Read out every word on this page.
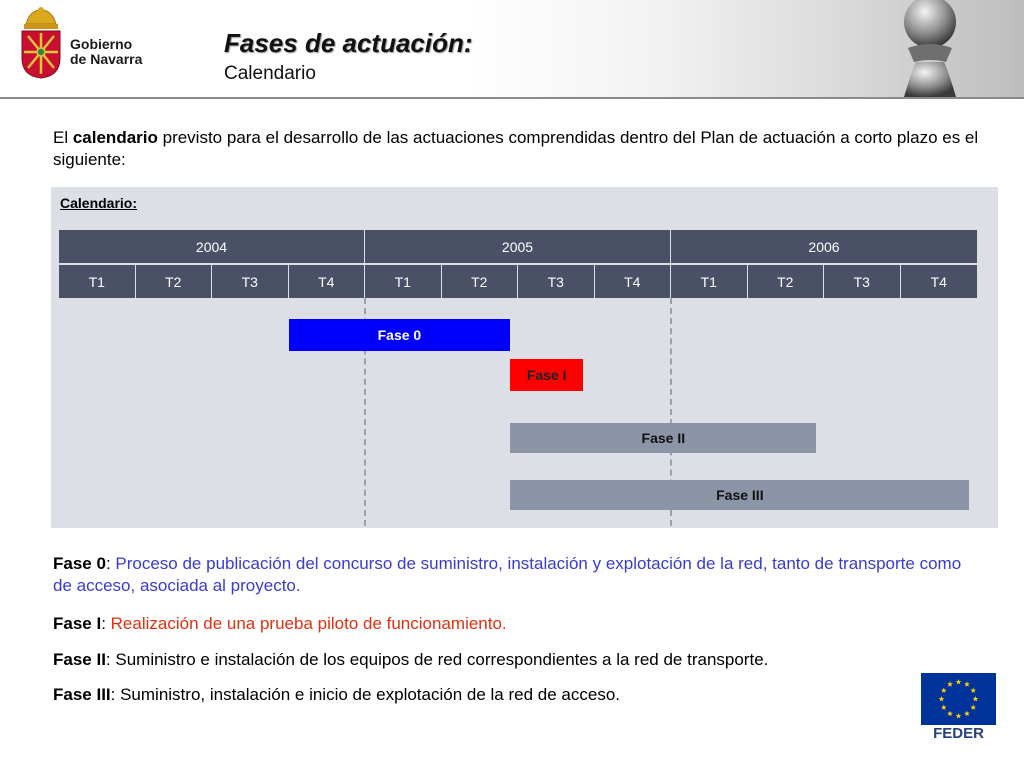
Gobierno
de Navarra
Fases de actuación:
Calendario
El calendario previsto para el desarrollo de las actuaciones comprendidas dentro del Plan de actuación a corto plazo es el siguiente:
Calendario:
2004	2005	2006
T1	T2	T3	T4	T1	T2	T3	T4	T1	T2	T3	T4
Fase 0
Fase I
Fase II
Fase III
Fase 0: Proceso de publicación del concurso de suministro, instalación y explotación de la red, tanto de transporte como de acceso, asociada al proyecto.
Fase I: Realización de una prueba piloto de funcionamiento.
Fase II: Suministro e instalación de los equipos de red correspondientes a la red de transporte.
Fase III: Suministro, instalación e inicio de explotación de la red de acceso.
FEDER
